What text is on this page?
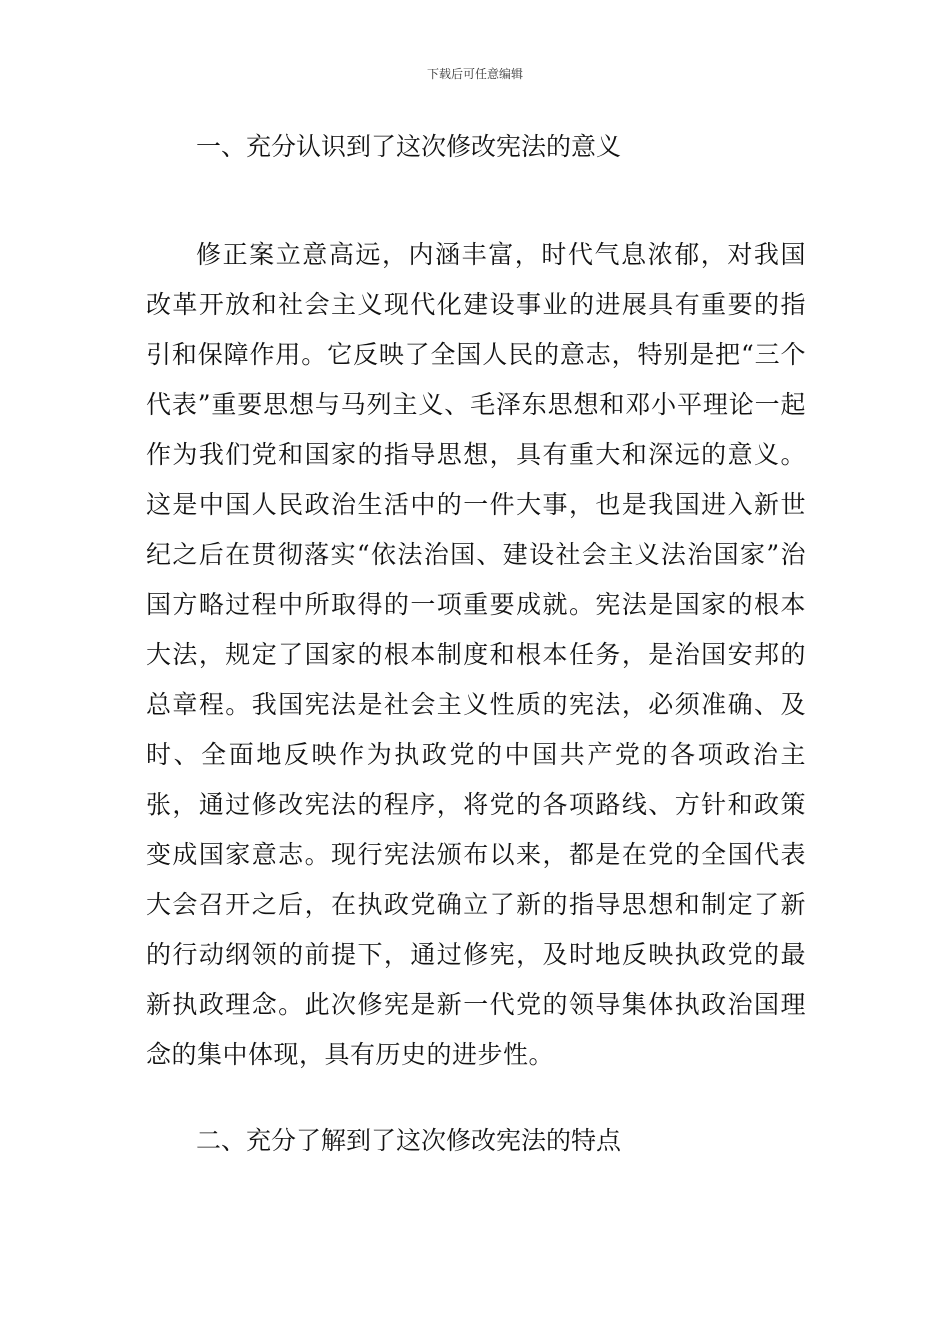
下载后可任意编辑
一、充分认识到了这次修改宪法的意义

修正案立意高远，内涵丰富，时代气息浓郁，对我国改革开放和社会主义现代化建设事业的进展具有重要的指引和保障作用。它反映了全国人民的意志，特别是把“三个代表”重要思想与马列主义、毛泽东思想和邓小平理论一起作为我们党和国家的指导思想，具有重大和深远的意义。这是中国人民政治生活中的一件大事，也是我国进入新世纪之后在贯彻落实“依法治国、建设社会主义法治国家”治国方略过程中所取得的一项重要成就。宪法是国家的根本大法，规定了国家的根本制度和根本任务，是治国安邦的总章程。我国宪法是社会主义性质的宪法，必须准确、及时、全面地反映作为执政党的中国共产党的各项政治主张，通过修改宪法的程序，将党的各项路线、方针和政策变成国家意志。现行宪法颁布以来，都是在党的全国代表大会召开之后，在执政党确立了新的指导思想和制定了新的行动纲领的前提下，通过修宪，及时地反映执政党的最新执政理念。此次修宪是新一代党的领导集体执政治国理念的集中体现，具有历史的进步性。

二、充分了解到了这次修改宪法的特点
